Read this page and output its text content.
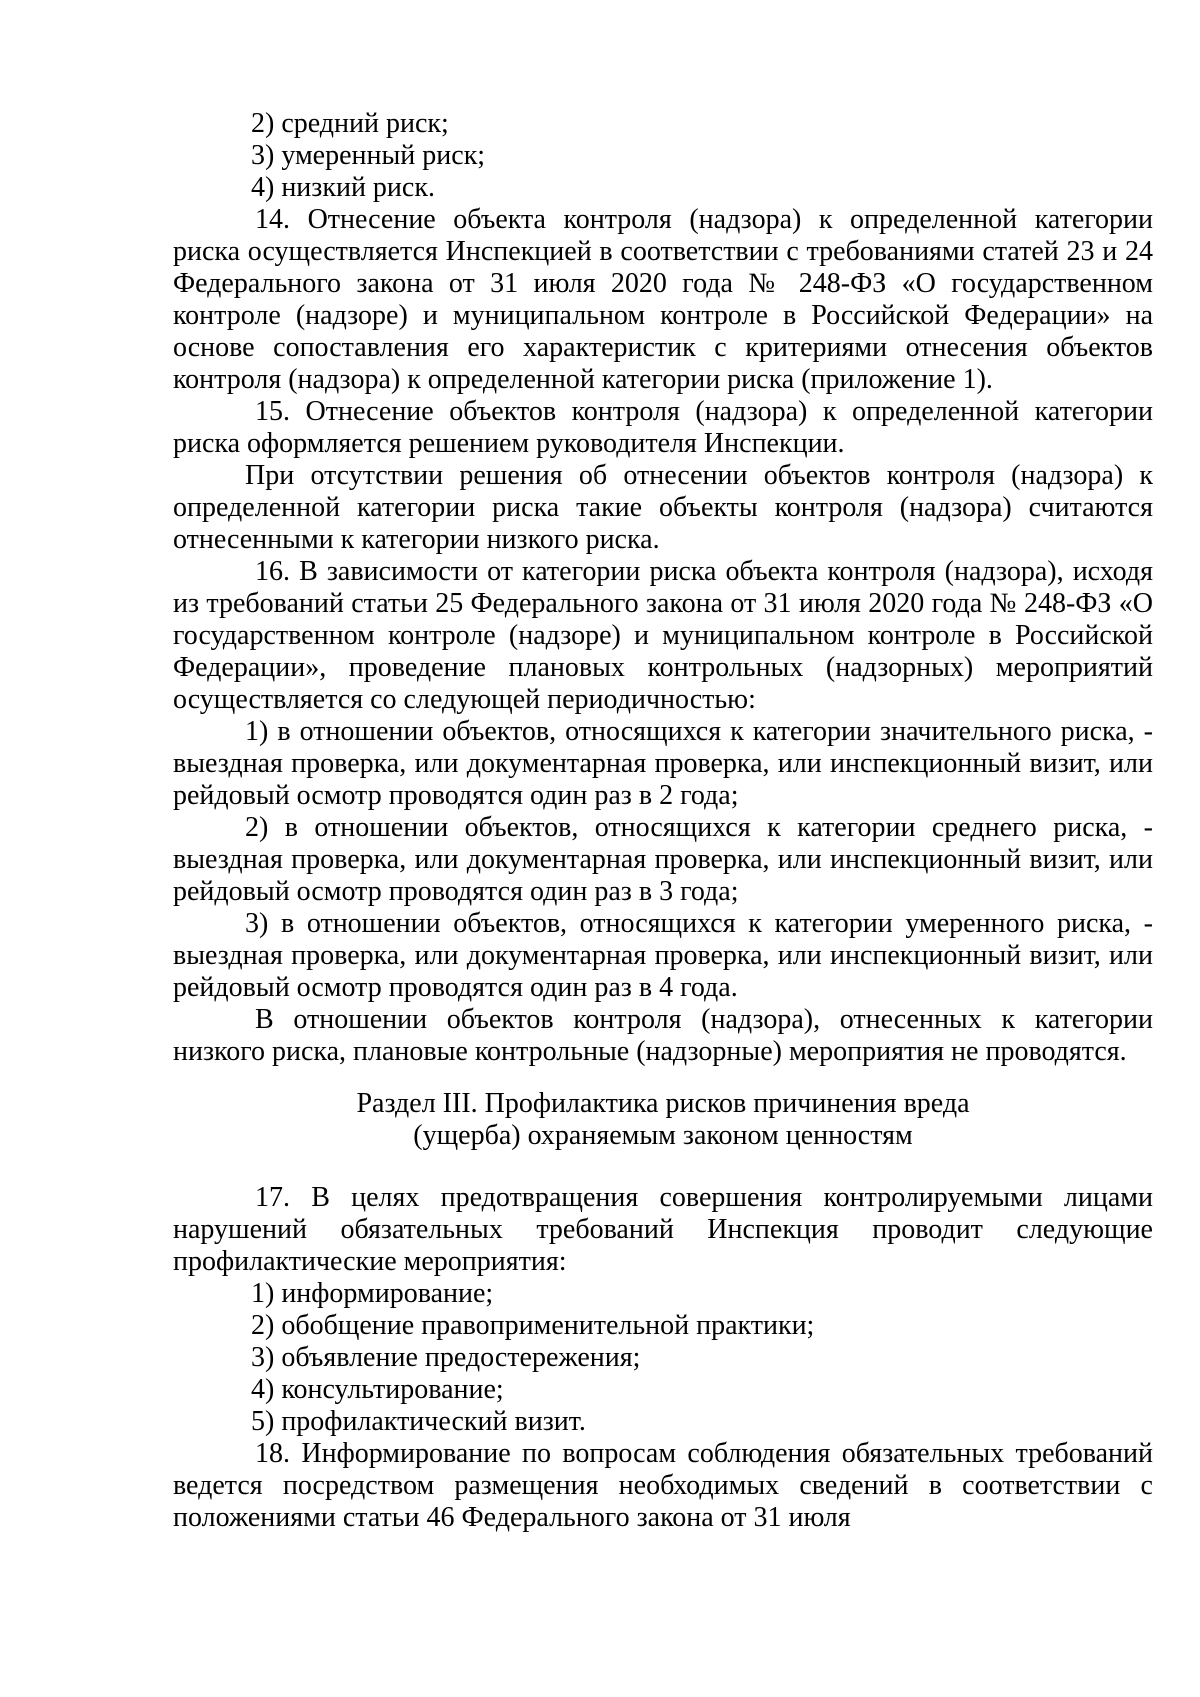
2) средний риск;

3) умеренный риск;

4) низкий риск.

14. Отнесение объекта контроля (надзора) к определенной категории риска осуществляется Инспекцией в соответствии с требованиями статей 23 и 24 Федерального закона от 31 июля 2020 года № 248-ФЗ «О государственном контроле (надзоре) и муниципальном контроле в Российской Федерации» на основе сопоставления его характеристик с критериями отнесения объектов контроля (надзора) к определенной категории риска (приложение 1).

15. Отнесение объектов контроля (надзора) к определенной категории риска оформляется решением руководителя Инспекции.

При отсутствии решения об отнесении объектов контроля (надзора) к определенной категории риска такие объекты контроля (надзора) считаются отнесенными к категории низкого риска.

16. В зависимости от категории риска объекта контроля (надзора), исходя из требований статьи 25 Федерального закона от 31 июля 2020 года № 248-ФЗ «О государственном контроле (надзоре) и муниципальном контроле в Российской Федерации», проведение плановых контрольных (надзорных) мероприятий осуществляется со следующей периодичностью:

1) в отношении объектов, относящихся к категории значительного риска, - выездная проверка, или документарная проверка, или инспекционный визит, или рейдовый осмотр проводятся один раз в 2 года;

2) в отношении объектов, относящихся к категории среднего риска, - выездная проверка, или документарная проверка, или инспекционный визит, или рейдовый осмотр проводятся один раз в 3 года;

3) в отношении объектов, относящихся к категории умеренного риска, - выездная проверка, или документарная проверка, или инспекционный визит, или рейдовый осмотр проводятся один раз в 4 года.

В отношении объектов контроля (надзора), отнесенных к категории низкого риска, плановые контрольные (надзорные) мероприятия не проводятся.

Раздел III. Профилактика рисков причинения вреда

(ущерба) охраняемым законом ценностям

17. В целях предотвращения совершения контролируемыми лицами нарушений обязательных требований Инспекция проводит следующие профилактические мероприятия:

1) информирование;

2) обобщение правоприменительной практики;

3) объявление предостережения;

4) консультирование;

5) профилактический визит.

18. Информирование по вопросам соблюдения обязательных требований ведется посредством размещения необходимых сведений в соответствии с положениями статьи 46 Федерального закона от 31 июля
